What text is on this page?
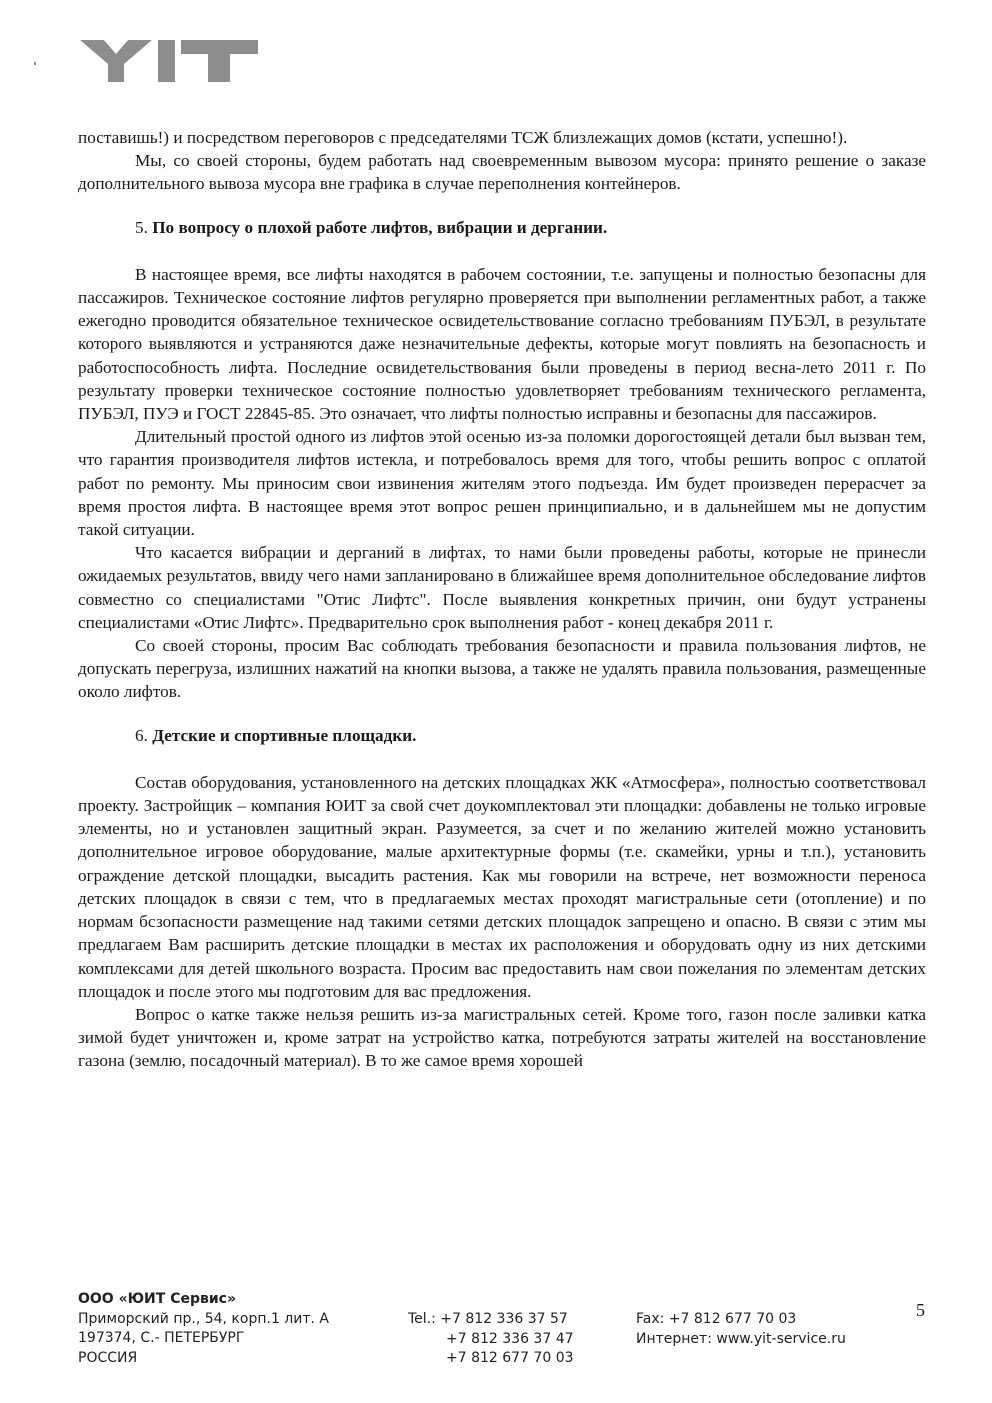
поставишь!) и посредством переговоров с председателями ТСЖ близлежащих домов (кстати, успешно!).

Мы, со своей стороны, будем работать над своевременным вывозом мусора: принято решение о заказе дополнительного вывоза мусора вне графика в случае переполнения контейнеров.

5. По вопросу о плохой работе лифтов, вибрации и дергании.

В настоящее время, все лифты находятся в рабочем состоянии, т.е. запущены и полностью безопасны для пассажиров. Техническое состояние лифтов регулярно проверяется при выполнении регламентных работ, а также ежегодно проводится обязательное техническое освидетельствование согласно требованиям ПУБЭЛ, в результате которого выявляются и устраняются даже незначительные дефекты, которые могут повлиять на безопасность и работоспособность лифта. Последние освидетельствования были проведены в период весна-лето 2011 г. По результату проверки техническое состояние полностью удовлетворяет требованиям технического регламента, ПУБЭЛ, ПУЭ и ГОСТ 22845-85. Это означает, что лифты полностью исправны и безопасны для пассажиров.

Длительный простой одного из лифтов этой осенью из-за поломки дорогостоящей детали был вызван тем, что гарантия производителя лифтов истекла, и потребовалось время для того, чтобы решить вопрос с оплатой работ по ремонту. Мы приносим свои извинения жителям этого подъезда. Им будет произведен перерасчет за время простоя лифта. В настоящее время этот вопрос решен принципиально, и в дальнейшем мы не допустим такой ситуации.

Что касается вибрации и дерганий в лифтах, то нами были проведены работы, которые не принесли ожидаемых результатов, ввиду чего нами запланировано в ближайшее время дополнительное обследование лифтов совместно со специалистами "Отис Лифтс". После выявления конкретных причин, они будут устранены специалистами «Отис Лифтс». Предварительно срок выполнения работ - конец декабря 2011 г.

Со своей стороны, просим Вас соблюдать требования безопасности и правила пользования лифтов, не допускать перегруза, излишних нажатий на кнопки вызова, а также не удалять правила пользования, размещенные около лифтов.

6. Детские и спортивные площадки.

Состав оборудования, установленного на детских площадках ЖК «Атмосфера», полностью соответствовал проекту. Застройщик – компания ЮИТ за свой счет доукомплектовал эти площадки: добавлены не только игровые элементы, но и установлен защитный экран. Разумеется, за счет и по желанию жителей можно установить дополнительное игровое оборудование, малые архитектурные формы (т.е. скамейки, урны и т.п.), установить ограждение детской площадки, высадить растения. Как мы говорили на встрече, нет возможности переноса детских площадок в связи с тем, что в предлагаемых местах проходят магистральные сети (отопление) и по нормам бсзопасности размещение над такими сетями детских площадок запрещено и опасно. В связи с этим мы предлагаем Вам расширить детские площадки в местах их расположения и оборудовать одну из них детскими комплексами для детей школьного возраста. Просим вас предоставить нам свои пожелания по элементам детских площадок и после этого мы подготовим для вас предложения.

Вопрос о катке также нельзя решить из-за магистральных сетей. Кроме того, газон после заливки катка зимой будет уничтожен и, кроме затрат на устройство катка, потребуются затраты жителей на восстановление газона (землю, посадочный материал). В то же самое время хорошей

ООО «ЮИТ Сервис»
Приморский пр., 54, корп.1 лит. А
197374, С.- ПЕТЕРБУРГ
РОССИЯ
Tel.: +7 812 336 37 57
+7 812 336 37 47
+7 812 677 70 03
Fax: +7 812 677 70 03
Интернет: www.yit-service.ru
5
